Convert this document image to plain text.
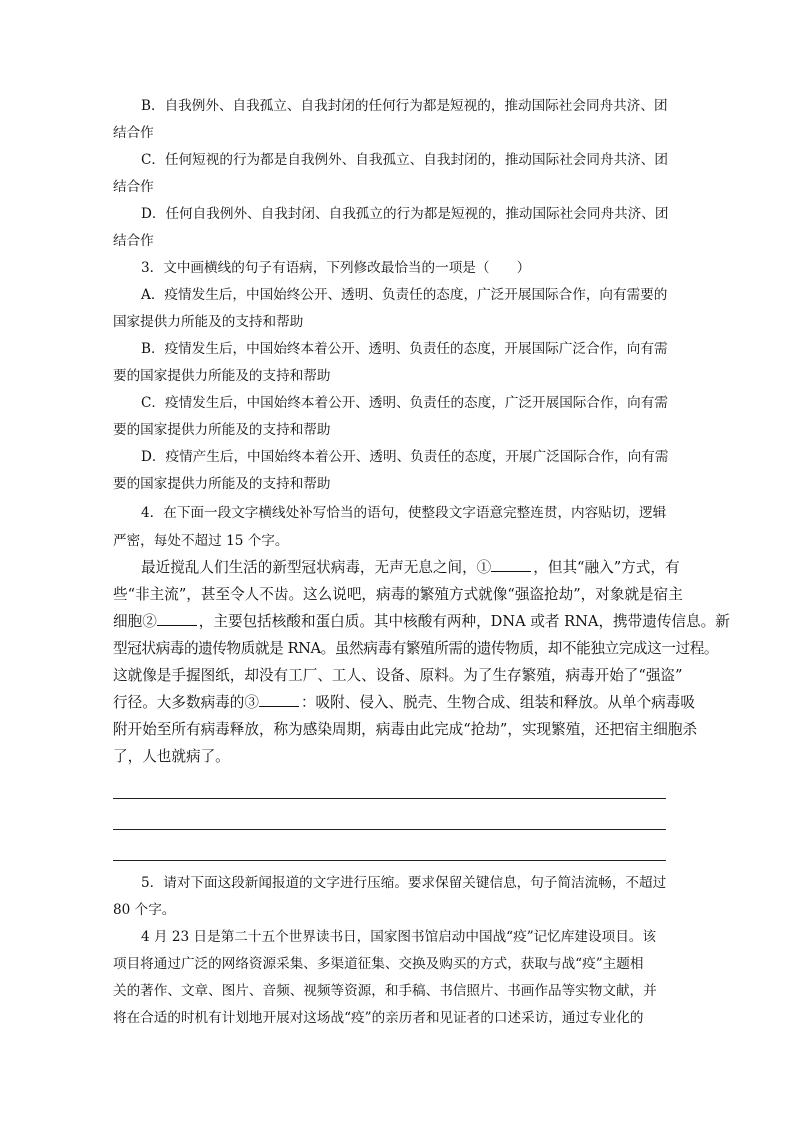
B．自我例外、自我孤立、自我封闭的任何行为都是短视的，推动国际社会同舟共济、团
结合作
C．任何短视的行为都是自我例外、自我孤立、自我封闭的，推动国际社会同舟共济、团
结合作
D．任何自我例外、自我封闭、自我孤立的行为都是短视的，推动国际社会同舟共济、团
结合作
3．文中画横线的句子有语病，下列修改最恰当的一项是（　　）
A．疫情发生后，中国始终公开、透明、负责任的态度，广泛开展国际合作，向有需要的
国家提供力所能及的支持和帮助
B．疫情发生后，中国始终本着公开、透明、负责任的态度，开展国际广泛合作，向有需
要的国家提供力所能及的支持和帮助
C．疫情发生后，中国始终本着公开、透明、负责任的态度，广泛开展国际合作，向有需
要的国家提供力所能及的支持和帮助
D．疫情产生后，中国始终本着公开、透明、负责任的态度，开展广泛国际合作，向有需
要的国家提供力所能及的支持和帮助
4．在下面一段文字横线处补写恰当的语句，使整段文字语意完整连贯，内容贴切，逻辑
严密，每处不超过 15 个字。
最近搅乱人们生活的新型冠状病毒，无声无息之间，①	，但其“融入”方式，有
些“非主流”，甚至令人不齿。这么说吧，病毒的繁殖方式就像“强盗抢劫”，对象就是宿主
细胞②	，主要包括核酸和蛋白质。其中核酸有两种，DNA 或者 RNA，携带遗传信息。新
型冠状病毒的遗传物质就是 RNA。虽然病毒有繁殖所需的遗传物质，却不能独立完成这一过程。
这就像是手握图纸，却没有工厂、工人、设备、原料。为了生存繁殖，病毒开始了“强盗”
行径。大多数病毒的③	：吸附、侵入、脱壳、生物合成、组装和释放。从单个病毒吸
附开始至所有病毒释放，称为感染周期，病毒由此完成“抢劫”，实现繁殖，还把宿主细胞杀
了，人也就病了。
5．请对下面这段新闻报道的文字进行压缩。要求保留关键信息，句子简洁流畅，不超过
80 个字。
4 月 23 日是第二十五个世界读书日，国家图书馆启动中国战“疫”记忆库建设项目。该
项目将通过广泛的网络资源采集、多渠道征集、交换及购买的方式，获取与战“疫”主题相
关的著作、文章、图片、音频、视频等资源，和手稿、书信照片、书画作品等实物文献，并
将在合适的时机有计划地开展对这场战“疫”的亲历者和见证者的口述采访，通过专业化的
